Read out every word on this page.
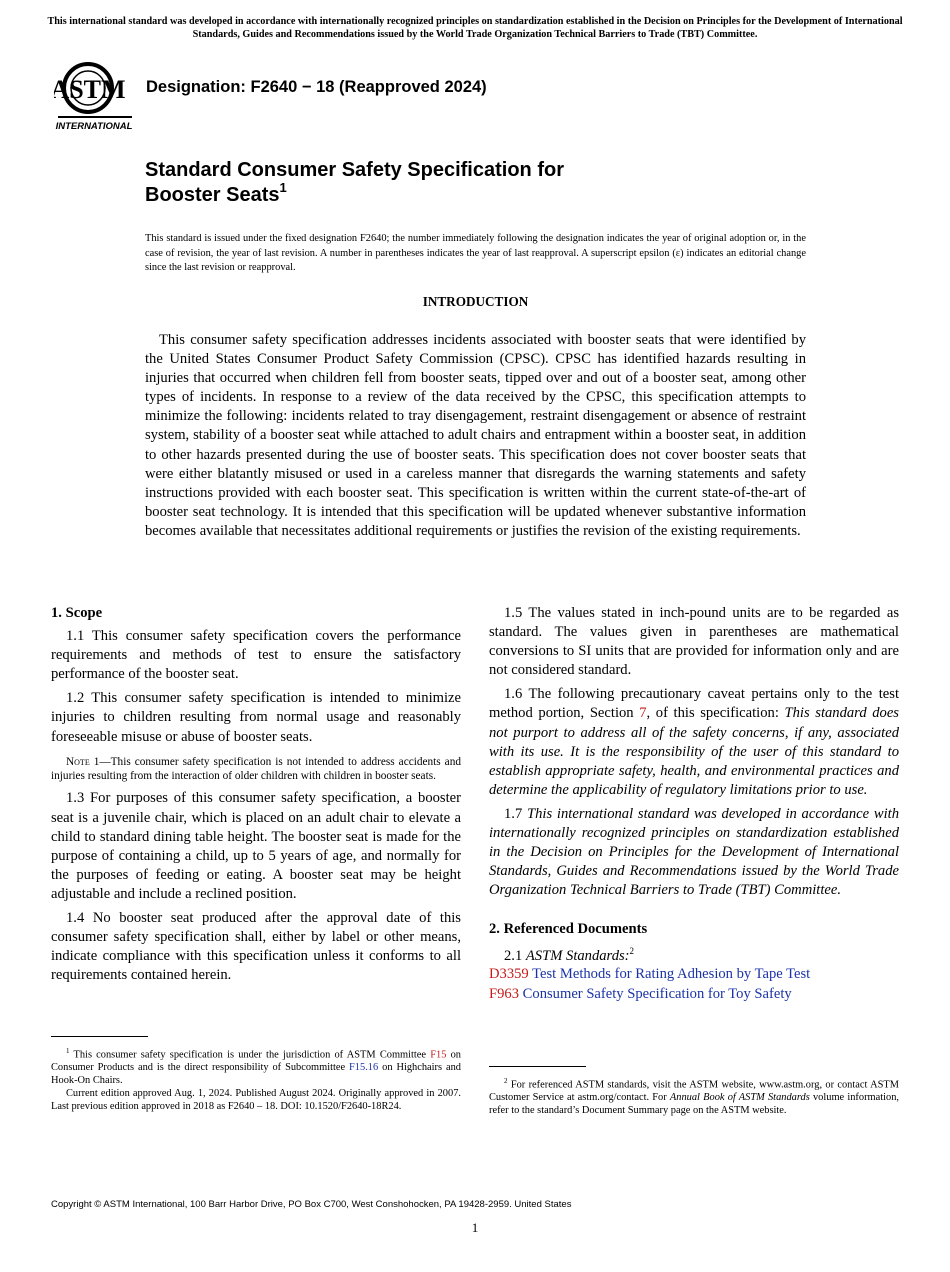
This international standard was developed in accordance with internationally recognized principles on standardization established in the Decision on Principles for the Development of International Standards, Guides and Recommendations issued by the World Trade Organization Technical Barriers to Trade (TBT) Committee.
ASTM
INTERNATIONAL
Designation: F2640 − 18 (Reapproved 2024)
Standard Consumer Safety Specification for
Booster Seats$^1$
This standard is issued under the fixed designation F2640; the number immediately following the designation indicates the year of original adoption or, in the case of revision, the year of last revision. A number in parentheses indicates the year of last reapproval. A superscript epsilon (ε) indicates an editorial change since the last revision or reapproval.
INTRODUCTION
This consumer safety specification addresses incidents associated with booster seats that were identified by the United States Consumer Product Safety Commission (CPSC). CPSC has identified hazards resulting in injuries that occurred when children fell from booster seats, tipped over and out of a booster seat, among other types of incidents. In response to a review of the data received by the CPSC, this specification attempts to minimize the following: incidents related to tray disengagement, restraint disengagement or absence of restraint system, stability of a booster seat while attached to adult chairs and entrapment within a booster seat, in addition to other hazards presented during the use of booster seats. This specification does not cover booster seats that were either blatantly misused or used in a careless manner that disregards the warning statements and safety instructions provided with each booster seat. This specification is written within the current state-of-the-art of booster seat technology. It is intended that this specification will be updated whenever substantive information becomes available that necessitates additional requirements or justifies the revision of the existing requirements.

1. Scope

1.1 This consumer safety specification covers the performance requirements and methods of test to ensure the satisfactory performance of the booster seat.

1.2 This consumer safety specification is intended to minimize injuries to children resulting from normal usage and reasonably foreseeable misuse or abuse of booster seats.

Note 1—This consumer safety specification is not intended to address accidents and injuries resulting from the interaction of older children with children in booster seats.

1.3 For purposes of this consumer safety specification, a booster seat is a juvenile chair, which is placed on an adult chair to elevate a child to standard dining table height. The booster seat is made for the purpose of containing a child, up to 5 years of age, and normally for the purposes of feeding or eating. A booster seat may be height adjustable and include a reclined position.

1.4 No booster seat produced after the approval date of this consumer safety specification shall, either by label or other means, indicate compliance with this specification unless it conforms to all requirements contained herein.

$^1$ This consumer safety specification is under the jurisdiction of ASTM Committee F15 on Consumer Products and is the direct responsibility of Subcommittee F15.16 on Highchairs and Hook-On Chairs.

Current edition approved Aug. 1, 2024. Published August 2024. Originally approved in 2007. Last previous edition approved in 2018 as F2640 – 18. DOI: 10.1520/F2640-18R24.

1.5 The values stated in inch-pound units are to be regarded as standard. The values given in parentheses are mathematical conversions to SI units that are provided for information only and are not considered standard.

1.6 The following precautionary caveat pertains only to the test method portion, Section 7, of this specification: This standard does not purport to address all of the safety concerns, if any, associated with its use. It is the responsibility of the user of this standard to establish appropriate safety, health, and environmental practices and determine the applicability of regulatory limitations prior to use.

1.7 This international standard was developed in accordance with internationally recognized principles on standardization established in the Decision on Principles for the Development of International Standards, Guides and Recommendations issued by the World Trade Organization Technical Barriers to Trade (TBT) Committee.

2. Referenced Documents

2.1 ASTM Standards:$^2$

D3359 Test Methods for Rating Adhesion by Tape Test

F963 Consumer Safety Specification for Toy Safety

$^2$ For referenced ASTM standards, visit the ASTM website, www.astm.org, or contact ASTM Customer Service at astm.org/contact. For Annual Book of ASTM Standards volume information, refer to the standard’s Document Summary page on the ASTM website.

Copyright © ASTM International, 100 Barr Harbor Drive, PO Box C700, West Conshohocken, PA 19428-2959. United States
1
